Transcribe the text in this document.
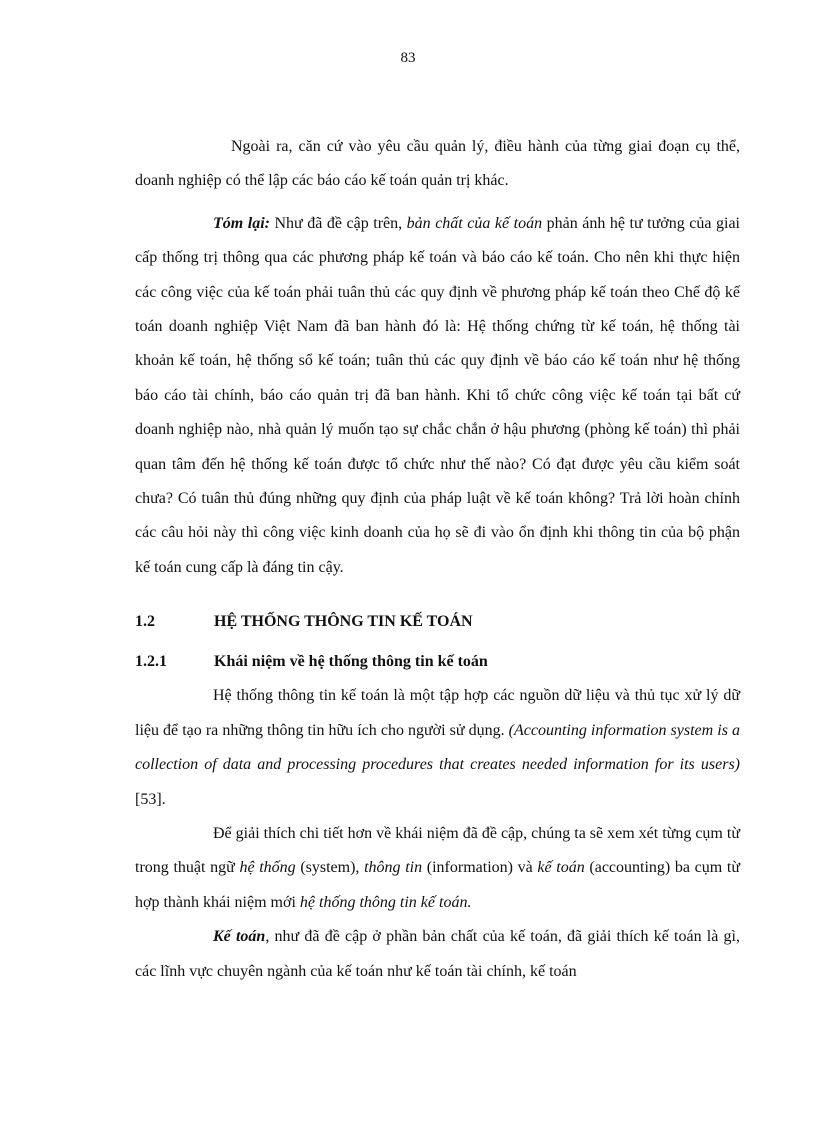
83

Ngoài ra, căn cứ vào yêu cầu quản lý, điều hành của từng giai đoạn cụ thể, doanh nghiệp có thể lập các báo cáo kế toán quản trị khác.

Tóm lại: Như đã đề cập trên, bản chất của kế toán phản ánh hệ tư tưởng của giai cấp thống trị thông qua các phương pháp kế toán và báo cáo kế toán. Cho nên khi thực hiện các công việc của kế toán phải tuân thủ các quy định về phương pháp kế toán theo Chế độ kế toán doanh nghiệp Việt Nam đã ban hành đó là: Hệ thống chứng từ kế toán, hệ thống tài khoản kế toán, hệ thống sổ kế toán; tuân thủ các quy định về báo cáo kế toán như hệ thống báo cáo tài chính, báo cáo quản trị đã ban hành. Khi tổ chức công việc kế toán tại bất cứ doanh nghiệp nào, nhà quản lý muốn tạo sự chắc chắn ở hậu phương (phòng kế toán) thì phải quan tâm đến hệ thống kế toán được tổ chức như thế nào? Có đạt được yêu cầu kiểm soát chưa? Có tuân thủ đúng những quy định của pháp luật về kế toán không? Trả lời hoàn chỉnh các câu hỏi này thì công việc kinh doanh của họ sẽ đi vào ổn định khi thông tin của bộ phận kế toán cung cấp là đáng tin cậy.

1.2	HỆ THỐNG THÔNG TIN KẾ TOÁN
1.2.1	Khái niệm về hệ thống thông tin kế toán

Hệ thống thông tin kế toán là một tập hợp các nguồn dữ liệu và thủ tục xử lý dữ liệu để tạo ra những thông tin hữu ích cho người sử dụng. (Accounting information system is a collection of data and processing procedures that creates needed information for its users) [53].

Để giải thích chi tiết hơn về khái niệm đã đề cập, chúng ta sẽ xem xét từng cụm từ trong thuật ngữ hệ thống (system), thông tin (information) và kế toán (accounting) ba cụm từ hợp thành khái niệm mới hệ thống thông tin kế toán.

Kế toán, như đã đề cập ở phần bản chất của kế toán, đã giải thích kế toán là gì, các lĩnh vực chuyên ngành của kế toán như kế toán tài chính, kế toán
